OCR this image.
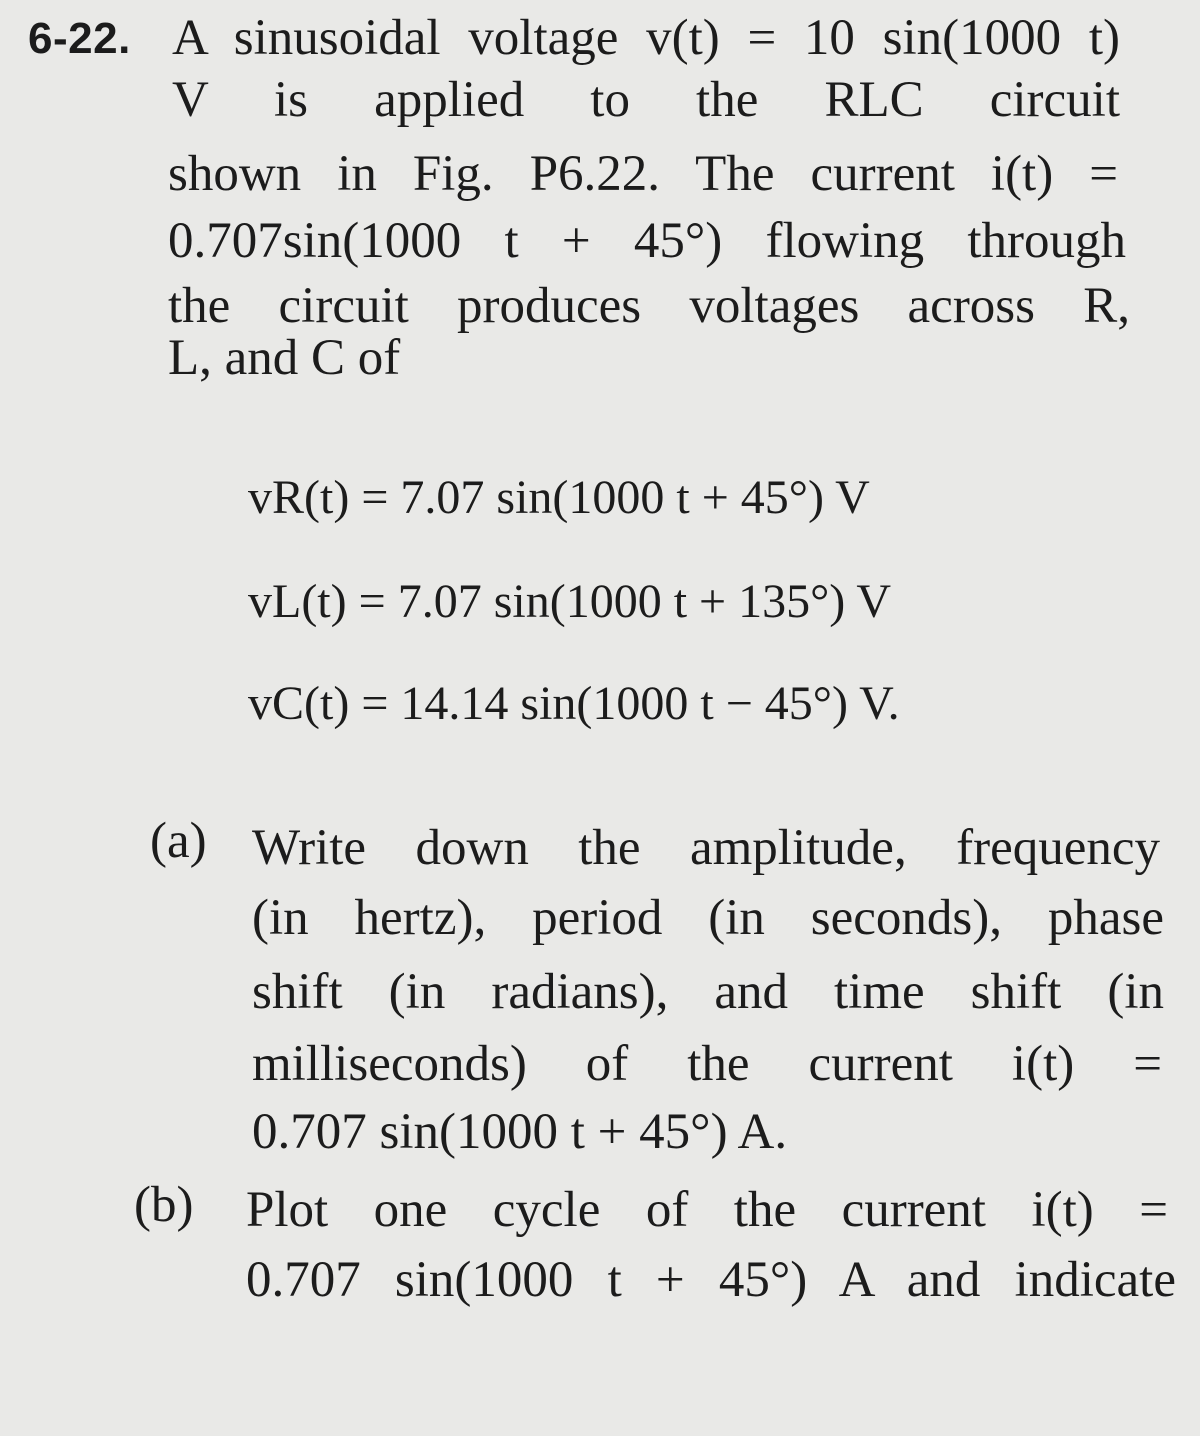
6-22. A sinusoidal voltage v(t) = 10 sin(1000 t)
V is applied to the RLC circuit
shown in Fig. P6.22. The current i(t) =
0.707sin(1000 t + 45°) flowing through
the circuit produces voltages across R,
L, and C of
vR(t) = 7.07 sin(1000 t + 45°) V
vL(t) = 7.07 sin(1000 t + 135°) V
vC(t) = 14.14 sin(1000 t − 45°) V.
(a) Write down the amplitude, frequency
(in hertz), period (in seconds), phase
shift (in radians), and time shift (in
milliseconds) of the current i(t) =
0.707 sin(1000 t + 45°) A.
(b) Plot one cycle of the current i(t) =
0.707 sin(1000 t + 45°) A and indicate
